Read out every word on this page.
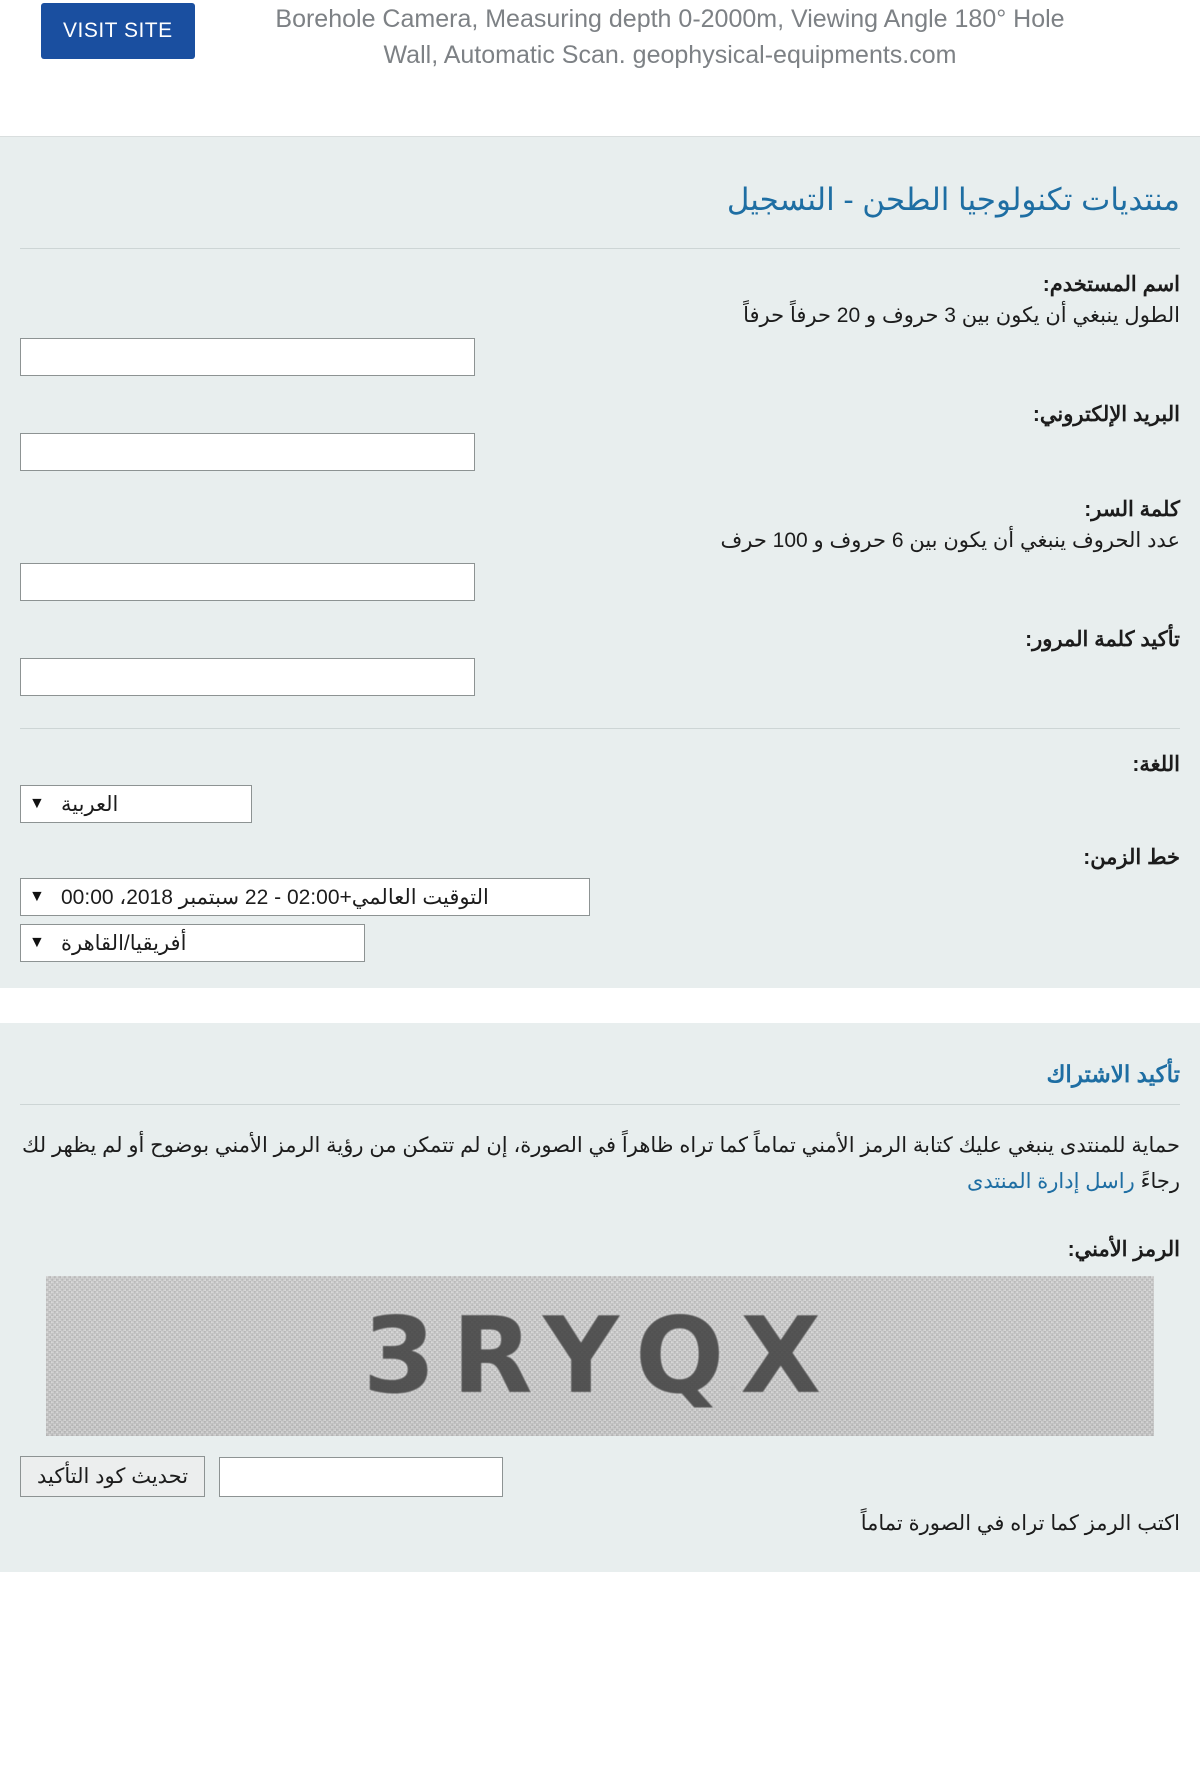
VISIT SITE	Borehole Camera, Measuring depth 0-2000m, Viewing Angle 180° Hole Wall, Automatic Scan. geophysical-equipments.com
منتديات تكنولوجيا الطحن - التسجيل
اسم المستخدم:
الطول ينبغي أن يكون بين 3 حروف و 20 حرفاً حرفاً
البريد الإلكتروني:
كلمة السر:
عدد الحروف ينبغي أن يكون بين 6 حروف و 100 حرف
تأكيد كلمة المرور:
اللغة:
▼ العربية
خط الزمن:
▼ التوقيت العالمي+02:00 - 22 سبتمبر 2018، 00:00
▼ أفريقيا/القاهرة
تأكيد الاشتراك
حماية للمنتدى ينبغي عليك كتابة الرمز الأمني تماماً كما تراه ظاهراً في الصورة، إن لم تتمكن من رؤية الرمز الأمني بوضوح أو لم يظهر لك رجاءً راسل إدارة المنتدى
الرمز الأمني:
3RYQX
تحديث كود التأكيد
اكتب الرمز كما تراه في الصورة تماماً
